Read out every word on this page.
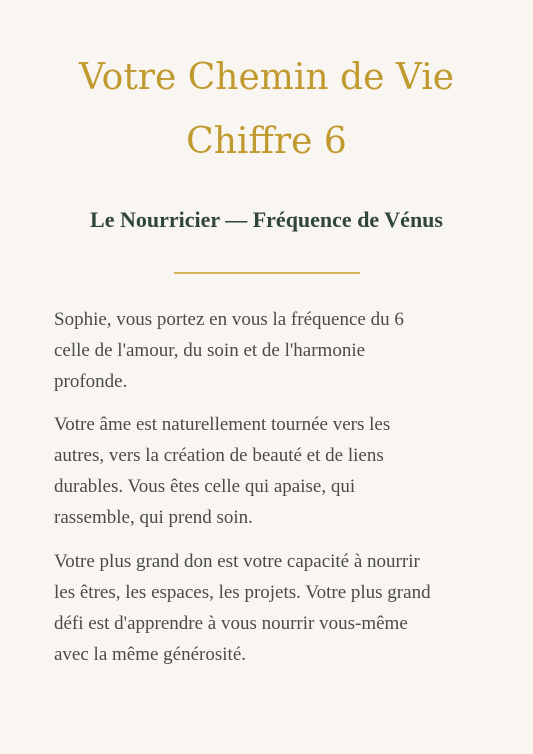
Votre Chemin de Vie
Chiffre 6
Le Nourricier — Fréquence de Vénus

Sophie, vous portez en vous la fréquence du 6
celle de l'amour, du soin et de l'harmonie
profonde.

Votre âme est naturellement tournée vers les
autres, vers la création de beauté et de liens
durables. Vous êtes celle qui apaise, qui
rassemble, qui prend soin.

Votre plus grand don est votre capacité à nourrir
les êtres, les espaces, les projets. Votre plus grand
défi est d'apprendre à vous nourrir vous-même
avec la même générosité.
